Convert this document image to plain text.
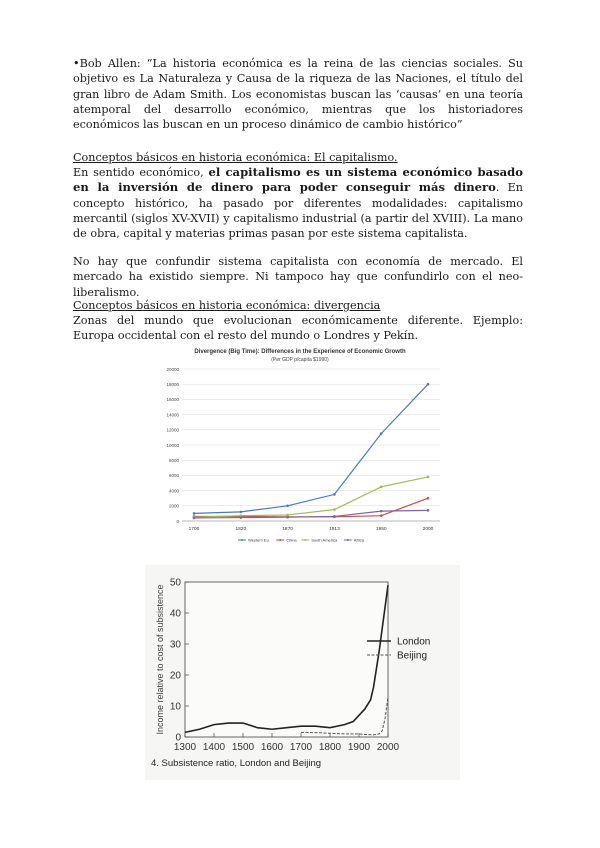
•Bob Allen: “La historia económica es la reina de las ciencias sociales. Su objetivo es La Naturaleza y Causa de la riqueza de las Naciones, el título del gran libro de Adam Smith. Los economistas buscan las ‘causas’ en una teoría atemporal del desarrollo económico, mientras que los historiadores económicos las buscan en un proceso dinámico de cambio histórico”

Conceptos básicos en historia económica: El capitalismo.

En sentido económico, el capitalismo es un sistema económico basado en la inversión de dinero para poder conseguir más dinero. En concepto histórico, ha pasado por diferentes modalidades: capitalismo mercantil (siglos XV-XVII) y capitalismo industrial (a partir del XVIII). La mano de obra, capital y materias primas pasan por este sistema capitalista.

No hay que confundir sistema capitalista con economía de mercado. El mercado ha existido siempre. Ni tampoco hay que confundirlo con el neo-liberalismo.

Conceptos básicos en historia económica: divergencia

Zonas del mundo que evolucionan económicamente diferente. Ejemplo: Europa occidental con el resto del mundo o Londres y Pekín.

Divergence (Big Time): Differences in the Experience of Economic Growth
(Per GDP p/capita $1990)
0
2000
4000
6000
8000
10000
12000
14000
16000
18000
20000
1700	1820	1870	1913	1950	2000
Western Eu.	China	South America	Africa
0
10
20
30
40
50
1300 1400 1500 1600 1700 1800 1900 2000
Income relative to cost of subsistence	London
Beijing
4. Subsistence ratio, London and Beijing
